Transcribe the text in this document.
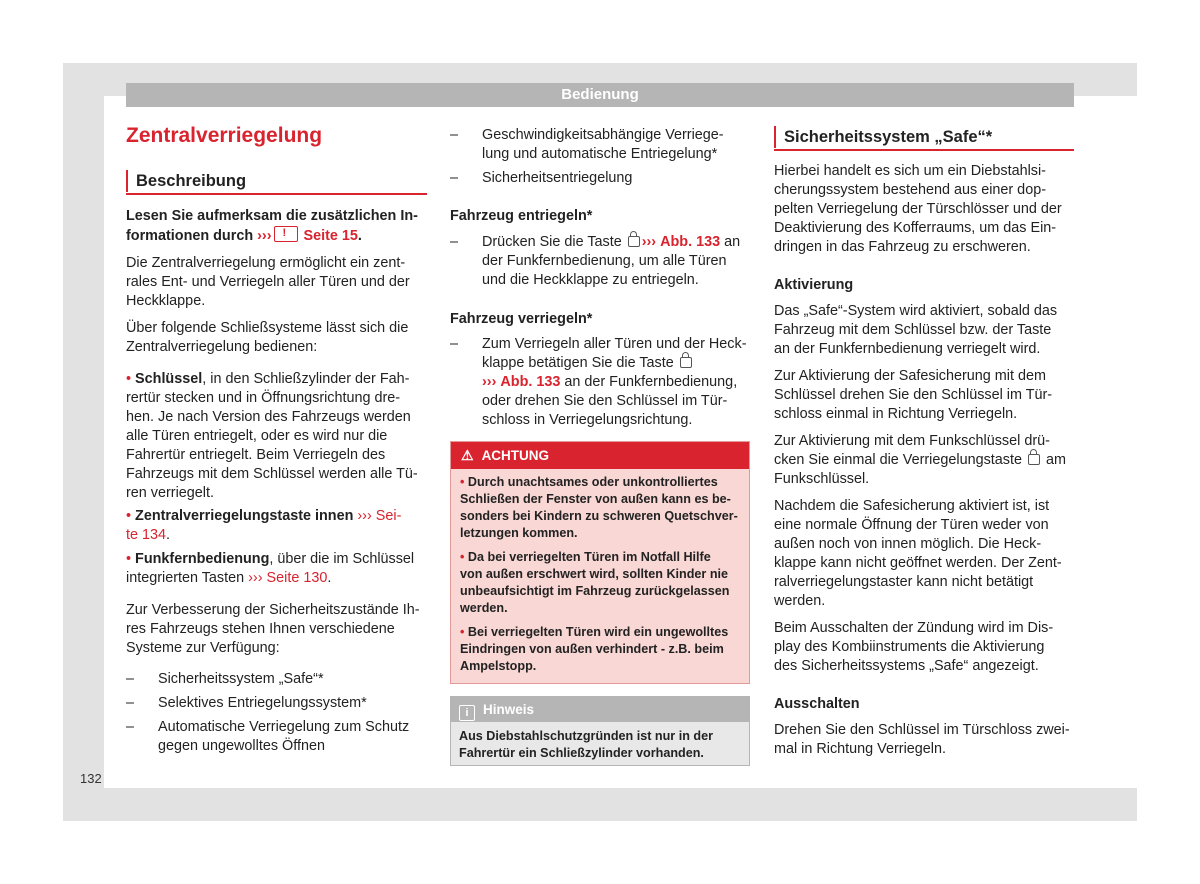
Bedienung
132
Zentralverriegelung
Beschreibung

Lesen Sie aufmerksam die zusätzlichen In-

formationen durch ›››! Seite 15.

Die Zentralverriegelung ermöglicht ein zent-

rales Ent- und Verriegeln aller Türen und der

Heckklappe.

Über folgende Schließsysteme lässt sich die

Zentralverriegelung bedienen:

• Schlüssel, in den Schließzylinder der Fah-

rertür stecken und in Öffnungsrichtung dre-

hen. Je nach Version des Fahrzeugs werden

alle Türen entriegelt, oder es wird nur die

Fahrertür entriegelt. Beim Verriegeln des

Fahrzeugs mit dem Schlüssel werden alle Tü-

ren verriegelt.

• Zentralverriegelungstaste innen ››› Sei-

te 134.

• Funkfernbedienung, über die im Schlüssel

integrierten Tasten ››› Seite 130.

Zur Verbesserung der Sicherheitszustände Ih-

res Fahrzeugs stehen Ihnen verschiedene

Systeme zur Verfügung:

– Sicherheitssystem „Safe“*
– Selektives Entriegelungssystem*
– Automatische Verriegelung zum Schutz
gegen ungewolltes Öffnen
– Geschwindigkeitsabhängige Verriege-
lung und automatische Entriegelung*
– Sicherheitsentriegelung

Fahrzeug entriegeln*

– Drücken Sie die Taste ››› Abb. 133 an
der Funkfernbedienung, um alle Türen
und die Heckklappe zu entriegeln.

Fahrzeug verriegeln*

– Zum Verriegeln aller Türen und der Heck-
klappe betätigen Sie die Taste
››› Abb. 133 an der Funkfernbedienung,
oder drehen Sie den Schlüssel im Tür-
schloss in Verriegelungsrichtung.
⚠ ACHTUNG
• Durch unachtsames oder unkontrolliertes
Schließen der Fenster von außen kann es be-
sonders bei Kindern zu schweren Quetschver-
letzungen kommen.
• Da bei verriegelten Türen im Notfall Hilfe
von außen erschwert wird, sollten Kinder nie
unbeaufsichtigt im Fahrzeug zurückgelassen
werden.
• Bei verriegelten Türen wird ein ungewolltes
Eindringen von außen verhindert - z.B. beim
Ampelstopp.
i Hinweis
Aus Diebstahlschutzgründen ist nur in der
Fahrertür ein Schließzylinder vorhanden.
Sicherheitssystem „Safe“*

Hierbei handelt es sich um ein Diebstahlsi-

cherungssystem bestehend aus einer dop-

pelten Verriegelung der Türschlösser und der

Deaktivierung des Kofferraums, um das Ein-

dringen in das Fahrzeug zu erschweren.

Aktivierung

Das „Safe“-System wird aktiviert, sobald das

Fahrzeug mit dem Schlüssel bzw. der Taste

an der Funkfernbedienung verriegelt wird.

Zur Aktivierung der Safesicherung mit dem

Schlüssel drehen Sie den Schlüssel im Tür-

schloss einmal in Richtung Verriegeln.

Zur Aktivierung mit dem Funkschlüssel drü-

cken Sie einmal die Verriegelungstaste  am

Funkschlüssel.

Nachdem die Safesicherung aktiviert ist, ist

eine normale Öffnung der Türen weder von

außen noch von innen möglich. Die Heck-

klappe kann nicht geöffnet werden. Der Zent-

ralverriegelungstaster kann nicht betätigt

werden.

Beim Ausschalten der Zündung wird im Dis-

play des Kombiinstruments die Aktivierung

des Sicherheitssystems „Safe“ angezeigt.

Ausschalten

Drehen Sie den Schlüssel im Türschloss zwei-

mal in Richtung Verriegeln.
